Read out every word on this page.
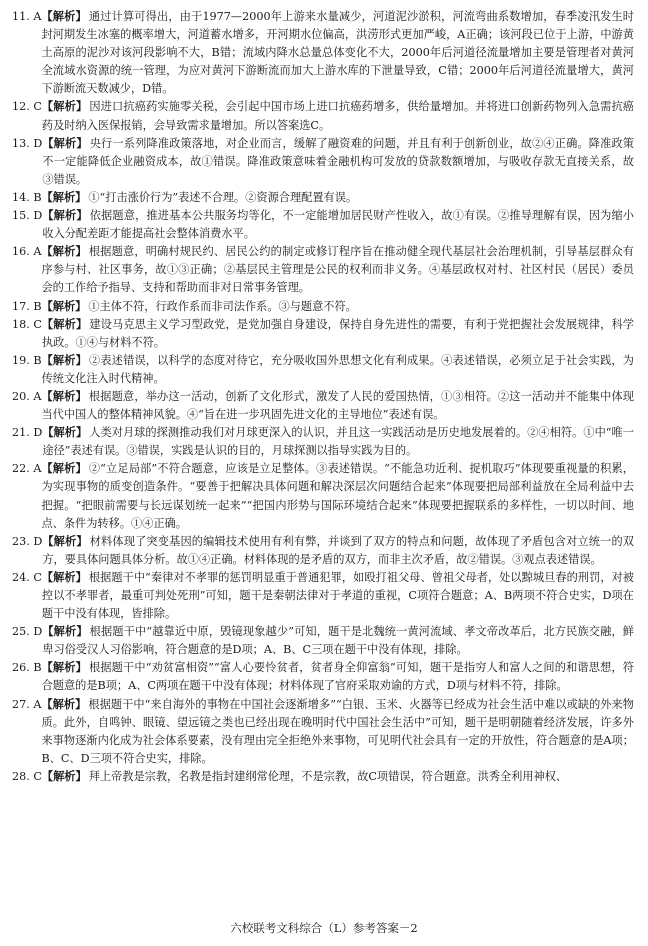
11. A 【解析】 通过计算可得出，由于1977—2000年上游来水量减少，河道泥沙淤积，河流弯曲系数增加，春季凌汛发生时封河期发生冰塞的概率增大，河道蓄水增多，开河期水位偏高，洪涝形式更加严峻，A正确；该河段已位于上游，中游黄土高原的泥沙对该河段影响不大，B错；流域内降水总量总体变化不大，2000年后河道径流量增加主要是管理者对黄河全流域水资源的统一管理，为应对黄河下游断流而加大上游水库的下泄量导致，C错；2000年后河道径流量增大，黄河下游断流天数减少，D错。
12. C 【解析】 因进口抗癌药实施零关税，会引起中国市场上进口抗癌药增多，供给量增加。并将进口创新药物列入急需抗癌药及时纳入医保报销，会导致需求量增加。所以答案选C。
13. D 【解析】 央行一系列降准政策落地，对企业而言，缓解了融资难的问题，并且有利于创新创业，故②④正确。降准政策不一定能降低企业融资成本，故①错误。降准政策意味着金融机构可发放的贷款数额增加，与吸收存款无直接关系，故③错误。
14. B 【解析】 ①“打击涨价行为”表述不合理。②资源合理配置有误。
15. D 【解析】 依据题意，推进基本公共服务均等化，不一定能增加居民财产性收入，故①有误。②推导理解有误，因为缩小收入分配差距才能提高社会整体消费水平。
16. A 【解析】 根据题意，明确村规民约、居民公约的制定或修订程序旨在推动健全现代基层社会治理机制，引导基层群众有序参与村、社区事务，故①③正确；②基层民主管理是公民的权利而非义务。④基层政权对村、社区村民（居民）委员会的工作给予指导、支持和帮助而非对日常事务管理。
17. B 【解析】 ①主体不符，行政作系而非司法作系。③与题意不符。
18. C 【解析】 建设马克思主义学习型政党，是党加强自身建设，保持自身先进性的需要，有利于党把握社会发展规律，科学执政。①④与材料不符。
19. B 【解析】 ②表述错误，以科学的态度对待它，充分吸收国外思想文化有利成果。④表述错误，必须立足于社会实践，为传统文化注入时代精神。
20. A 【解析】 根据题意，举办这一活动，创新了文化形式，激发了人民的爱国热情，①③相符。②这一活动并不能集中体现当代中国人的整体精神风貌。④“旨在进一步巩固先进文化的主导地位”表述有误。
21. D 【解析】 人类对月球的探测推动我们对月球更深入的认识，并且这一实践活动是历史地发展着的。②④相符。①中“唯一途径”表述有误。③错误，实践是认识的目的，月球探测以指导实践为目的。
22. A 【解析】 ②“立足局部”不符合题意，应该是立足整体。③表述错误。“不能急功近利、捉机取巧”体现要重视量的积累，为实现事物的质变创造条件。“要善于把解决具体问题和解决深层次问题结合起来”体现要把局部利益放在全局利益中去把握。“把眼前需要与长远谋划统一起来”“把国内形势与国际环境结合起来”体现要把握联系的多样性，一切以时间、地点、条件为转移。①④正确。
23. D 【解析】 材料体现了突变基因的编辑技术使用有利有弊，并谈到了双方的特点和问题，故体现了矛盾包含对立统一的双方，要具体问题具体分析。故①④正确。材料体现的是矛盾的双方，而非主次矛盾，故②错误。③观点表述错误。
24. C 【解析】 根据题干中“秦律对不孝罪的惩罚明显重于普通犯罪，如殴打祖父母、曾祖父母者，处以黥城旦舂的刑罚，对被控以不孝罪者，最重可判处死刑”可知，题干是秦朝法律对于孝道的重视，C项符合题意；A、B两项不符合史实，D项在题干中没有体现，皆排除。
25. D 【解析】 根据题干中“越靠近中原，毁镜现象越少”可知，题干是北魏统一黄河流域、孝文帝改革后，北方民族交融，鲜卑习俗受汉人习俗影响，符合题意的是D项；A、B、C三项在题干中没有体现，排除。
26. B 【解析】 根据题干中“劝贫富相资”“富人心要怜贫者，贫者身全仰富翁”可知，题干是指穷人和富人之间的和谐思想，符合题意的是B项；A、C两项在题干中没有体现；材料体现了官府采取劝谕的方式，D项与材料不符，排除。
27. A 【解析】 根据题干中“来自海外的事物在中国社会逐渐增多”“白银、玉米、火器等已经成为社会生活中难以或缺的外来物质。此外，自鸣钟、眼镜、望远镜之类也已经出现在晚明时代中国社会生活中”可知，题干是明朝随着经济发展，许多外来事物逐渐内化成为社会体系要素，没有理由完全拒绝外来事物，可见明代社会具有一定的开放性，符合题意的是A项；B、C、D三项不符合史实，排除。
28. C 【解析】 拜上帝教是宗教，名教是指封建纲常伦理，不是宗教，故C项错误，符合题意。洪秀全利用神权、
六校联考文科综合（L）参考答案－2
